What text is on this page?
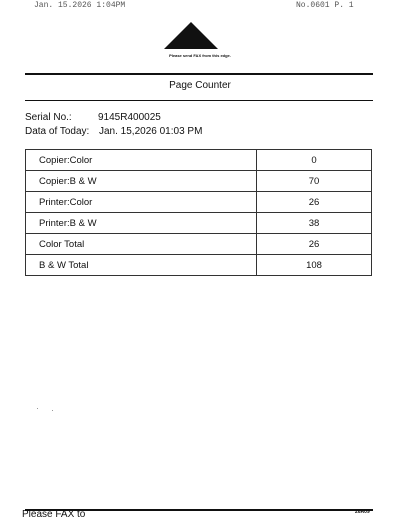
Jan. 15.2026 1:04PM	No.0601 P. 1
Please send FAX from this edge.
Page Counter
Serial No.:	9145R400025
Data of Today: Jan. 15,2026 01:03 PM
Copier:Color	0
Copier:B & W	70
Printer:Color	26
Printer:B & W	38
Color Total	26
B & W Total	108
Please FAX to	26A09
